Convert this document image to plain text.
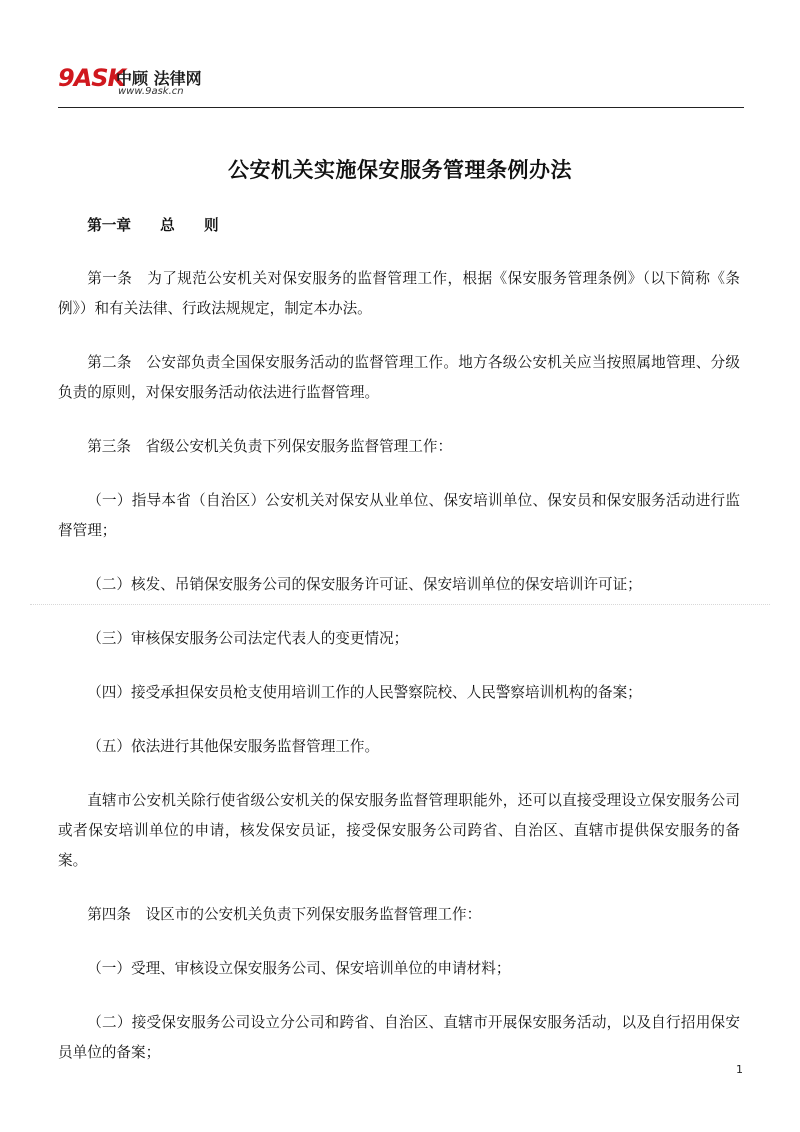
9ASK
中顾 法律网
www.9ask.cn
公安机关实施保安服务管理条例办法

第一章 总 则

第一条　为了规范公安机关对保安服务的监督管理工作，根据《保安服务管理条例》（以下简称《条例》）和有关法律、行政法规规定，制定本办法。

第二条　公安部负责全国保安服务活动的监督管理工作。地方各级公安机关应当按照属地管理、分级负责的原则，对保安服务活动依法进行监督管理。

第三条　省级公安机关负责下列保安服务监督管理工作：

（一）指导本省（自治区）公安机关对保安从业单位、保安培训单位、保安员和保安服务活动进行监督管理；

（二）核发、吊销保安服务公司的保安服务许可证、保安培训单位的保安培训许可证；

（三）审核保安服务公司法定代表人的变更情况；

（四）接受承担保安员枪支使用培训工作的人民警察院校、人民警察培训机构的备案；

（五）依法进行其他保安服务监督管理工作。

直辖市公安机关除行使省级公安机关的保安服务监督管理职能外，还可以直接受理设立保安服务公司或者保安培训单位的申请，核发保安员证，接受保安服务公司跨省、自治区、直辖市提供保安服务的备案。

第四条　设区市的公安机关负责下列保安服务监督管理工作：

（一）受理、审核设立保安服务公司、保安培训单位的申请材料；

（二）接受保安服务公司设立分公司和跨省、自治区、直辖市开展保安服务活动，以及自行招用保安员单位的备案；

1
